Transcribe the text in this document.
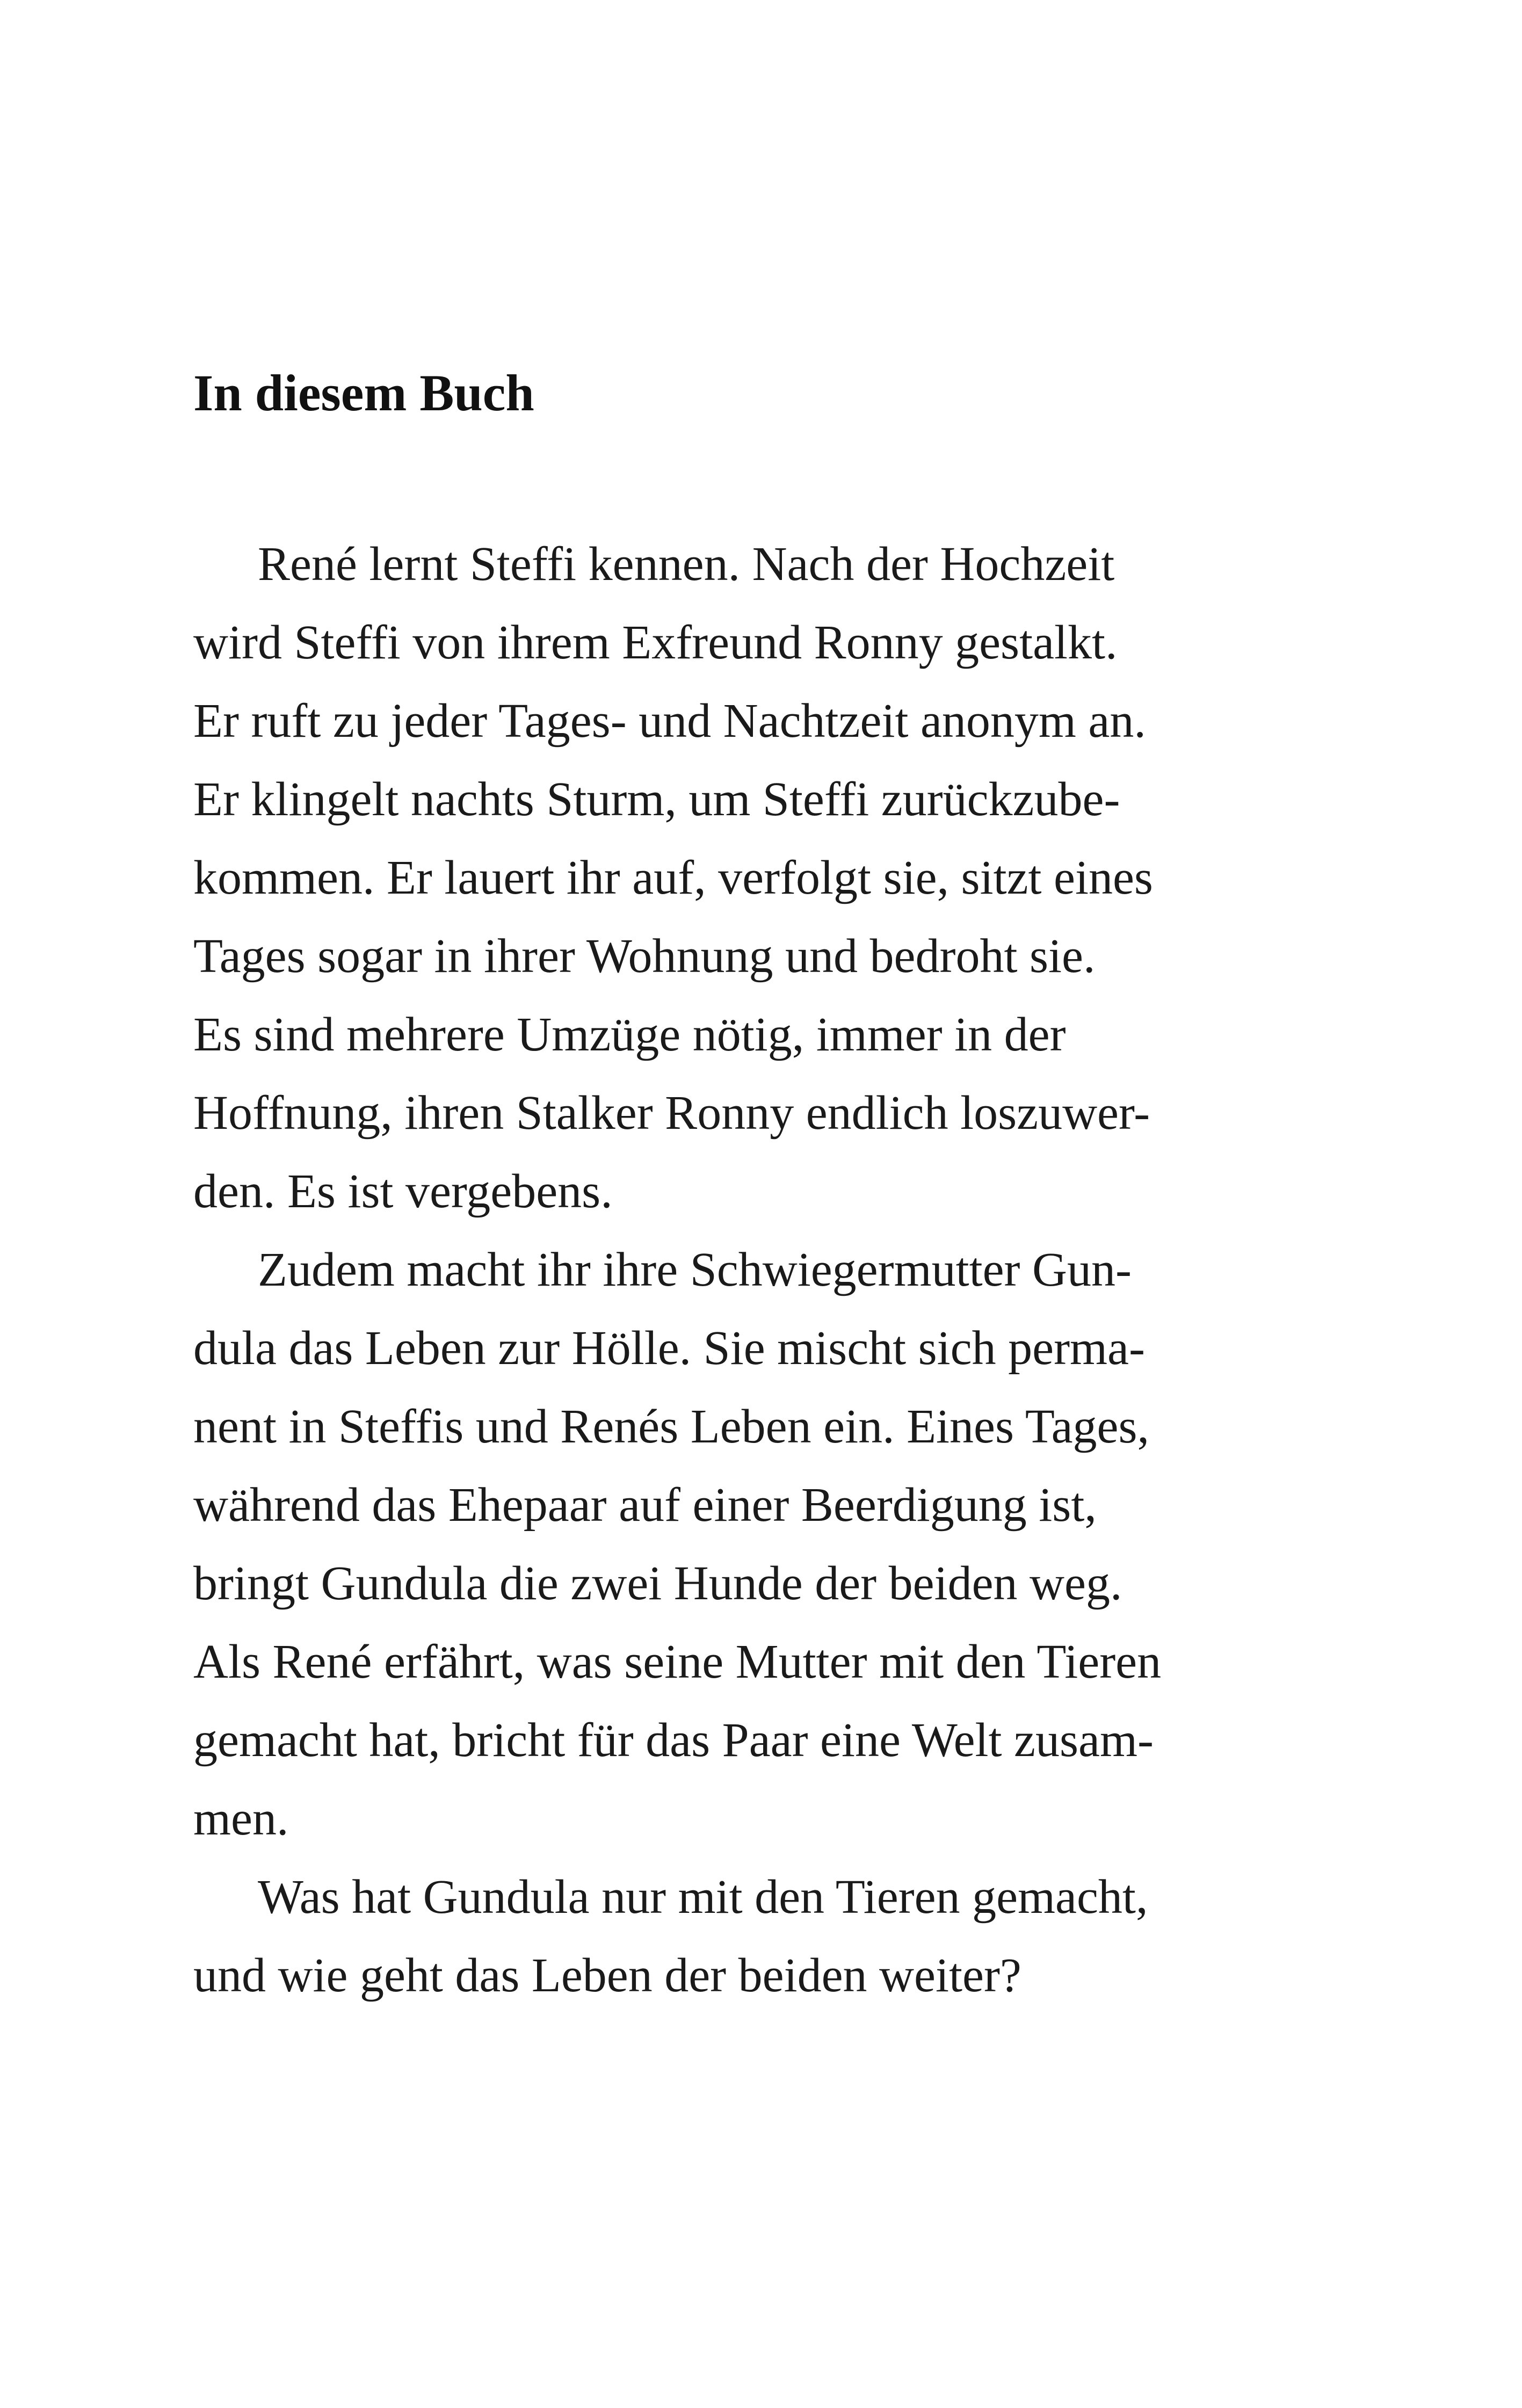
In diesem Buch
René lernt Steffi kennen. Nach der Hochzeit
wird Steffi von ihrem Exfreund Ronny gestalkt.
Er ruft zu jeder Tages- und Nachtzeit anonym an.
Er klingelt nachts Sturm, um Steffi zurückzube-
kommen. Er lauert ihr auf, verfolgt sie, sitzt eines
Tages sogar in ihrer Wohnung und bedroht sie.
Es sind mehrere Umzüge nötig, immer in der
Hoffnung, ihren Stalker Ronny endlich loszuwer-
den. Es ist vergebens.
Zudem macht ihr ihre Schwiegermutter Gun-
dula das Leben zur Hölle. Sie mischt sich perma-
nent in Steffis und Renés Leben ein. Eines Tages,
während das Ehepaar auf einer Beerdigung ist,
bringt Gundula die zwei Hunde der beiden weg.
Als René erfährt, was seine Mutter mit den Tieren
gemacht hat, bricht für das Paar eine Welt zusam-
men.
Was hat Gundula nur mit den Tieren gemacht,
und wie geht das Leben der beiden weiter?
